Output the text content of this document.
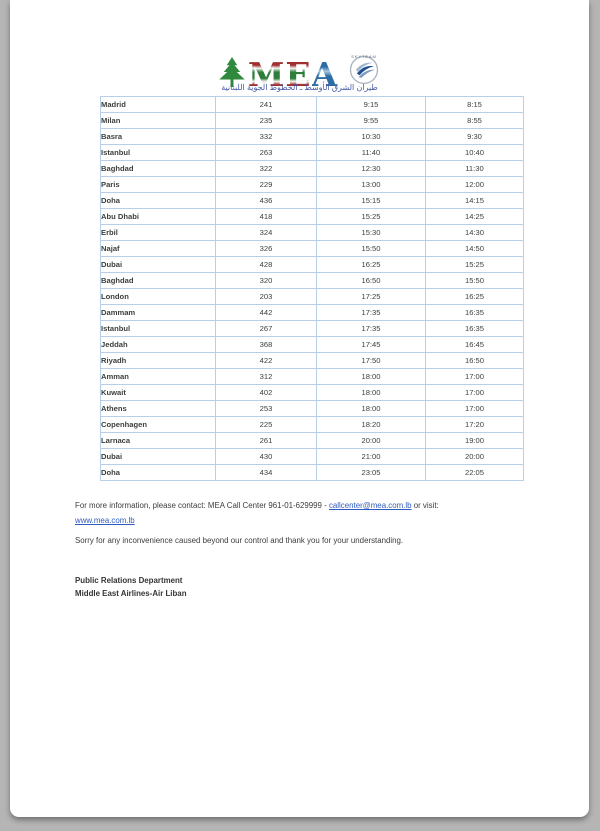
MEA	SKYTEAM
طيران الشرق الأوسط ـ الخطوط الجوية اللبنانية
Madrid	241	9:15	8:15
Milan	235	9:55	8:55
Basra	332	10:30	9:30
Istanbul	263	11:40	10:40
Baghdad	322	12:30	11:30
Paris	229	13:00	12:00
Doha	436	15:15	14:15
Abu Dhabi	418	15:25	14:25
Erbil	324	15:30	14:30
Najaf	326	15:50	14:50
Dubai	428	16:25	15:25
Baghdad	320	16:50	15:50
London	203	17:25	16:25
Dammam	442	17:35	16:35
Istanbul	267	17:35	16:35
Jeddah	368	17:45	16:45
Riyadh	422	17:50	16:50
Amman	312	18:00	17:00
Kuwait	402	18:00	17:00
Athens	253	18:00	17:00
Copenhagen	225	18:20	17:20
Larnaca	261	20:00	19:00
Dubai	430	21:00	20:00
Doha	434	23:05	22:05
For more information, please contact: MEA Call Center 961-01-629999 - callcenter@mea.com.lb or visit:
www.mea.com.lb
Sorry for any inconvenience caused beyond our control and thank you for your understanding.
Public Relations Department
Middle East Airlines-Air Liban
